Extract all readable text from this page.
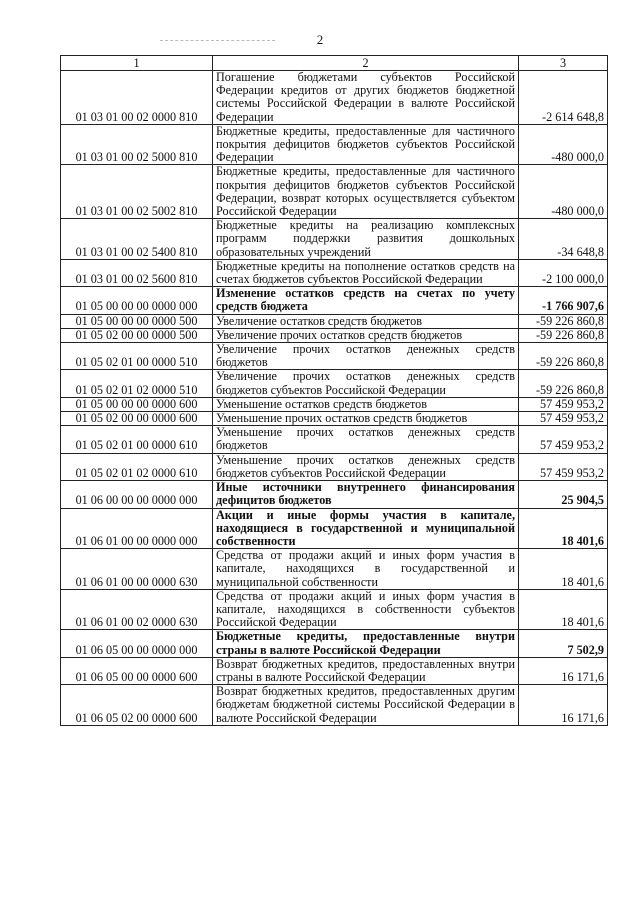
2
1	2	3
01 03 01 00 02 0000 810	Погашение бюджетами субъектов Российской Федерации кредитов от других бюджетов бюджетной системы Российской Федерации в валюте Российской Федерации	-2 614 648,8
01 03 01 00 02 5000 810	Бюджетные кредиты, предоставленные для частичного покрытия дефицитов бюджетов субъектов Российской Федерации	-480 000,0
01 03 01 00 02 5002 810	Бюджетные кредиты, предоставленные для частичного покрытия дефицитов бюджетов субъектов Российской Федерации, возврат которых осуществляется субъектом Российской Федерации	-480 000,0
01 03 01 00 02 5400 810	Бюджетные кредиты на реализацию комплексных программ поддержки развития дошкольных образовательных учреждений	-34 648,8
01 03 01 00 02 5600 810	Бюджетные кредиты на пополнение остатков средств на счетах бюджетов субъектов Российской Федерации	-2 100 000,0
01 05 00 00 00 0000 000	Изменение остатков средств на счетах по учету средств бюджета	-1 766 907,6
01 05 00 00 00 0000 500	Увеличение остатков средств бюджетов	-59 226 860,8
01 05 02 00 00 0000 500	Увеличение прочих остатков средств бюджетов	-59 226 860,8
01 05 02 01 00 0000 510	Увеличение прочих остатков денежных средств бюджетов	-59 226 860,8
01 05 02 01 02 0000 510	Увеличение прочих остатков денежных средств бюджетов субъектов Российской Федерации	-59 226 860,8
01 05 00 00 00 0000 600	Уменьшение остатков средств бюджетов	57 459 953,2
01 05 02 00 00 0000 600	Уменьшение прочих остатков средств бюджетов	57 459 953,2
01 05 02 01 00 0000 610	Уменьшение прочих остатков денежных средств бюджетов	57 459 953,2
01 05 02 01 02 0000 610	Уменьшение прочих остатков денежных средств бюджетов субъектов Российской Федерации	57 459 953,2
01 06 00 00 00 0000 000	Иные источники внутреннего финансирования дефицитов бюджетов	25 904,5
01 06 01 00 00 0000 000	Акции и иные формы участия в капитале, находящиеся в государственной и муниципальной собственности	18 401,6
01 06 01 00 00 0000 630	Средства от продажи акций и иных форм участия в капитале, находящихся в государственной и муниципальной собственности	18 401,6
01 06 01 00 02 0000 630	Средства от продажи акций и иных форм участия в капитале, находящихся в собственности субъектов Российской Федерации	18 401,6
01 06 05 00 00 0000 000	Бюджетные кредиты, предоставленные внутри страны в валюте Российской Федерации	7 502,9
01 06 05 00 00 0000 600	Возврат бюджетных кредитов, предоставленных внутри страны в валюте Российской Федерации	16 171,6
01 06 05 02 00 0000 600	Возврат бюджетных кредитов, предоставленных другим бюджетам бюджетной системы Российской Федерации в валюте Российской Федерации	16 171,6
